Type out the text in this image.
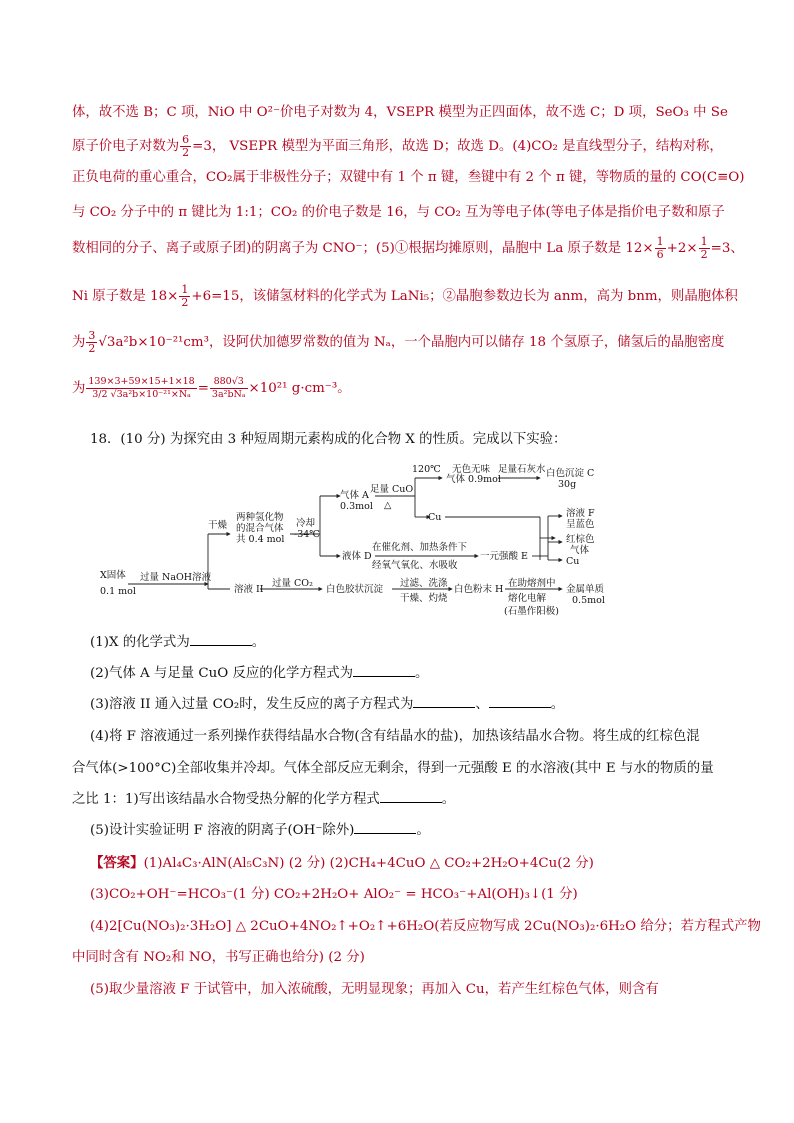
体，故不选 B；C 项，NiO 中 O²⁻价电子对数为 4，VSEPR 模型为正四面体，故不选 C；D 项，SeO₃ 中 Se
原子价电子对数为 $\frac{6}{2} =3$， VSEPR 模型为平面三角形，故选 D；故选 D。(4)CO₂ 是直线型分子，结构对称，
正负电荷的重心重合，CO₂属于非极性分子；双键中有 1 个 π 键，叁键中有 2 个 π 键，等物质的量的 CO(C≡O)
与 CO₂ 分子中的 π 键比为 1:1；CO₂ 的价电子数是 16，与 CO₂ 互为等电子体(等电子体是指价电子数和原子
数相同的分子、离子或原子团)的阴离子为 CNO⁻；(5)①根据均摊原则，晶胞中 La 原子数是 $12\times \frac{1}{6} +2\times \frac{1}{2} =3$、
Ni 原子数是 $18\times \frac{1}{2} +6=15$，该储氢材料的化学式为 LaNi₅；②晶胞参数边长为 anm，高为 bnm，则晶胞体积
为 $\frac{3}{2} √3a^2b\times 10^{-21}cm^3$，设阿伏加德罗常数的值为 Nₐ，一个晶胞内可以储存 18 个氢原子，储氢后的晶胞密度
为 $\frac{139\times 3+59\times 15+1\times 18}{\text{3/2 √3a²b×10⁻²¹×Nₐ}} = \frac{880√3}{\text{3a²bNₐ}} \times 10^{21}$ g·cm⁻³。
18．(10 分) 为探究由 3 种短周期元素构成的化合物 X 的性质。完成以下实验：
X固体
0.1 mol
过量 NaOH溶液
干燥
两种氢化物
的混合气体
共 0.4 mol
冷却
-34℃
气体 A
0.3mol
足量 CuO
△
120℃ 无色无味
气体 0.9mol
足量石灰水 白色沉淀 C
30g
Cu
液体 D
在催化剂、加热条件下
经氧气氧化、水吸收
一元强酸 E
溶液 F
呈蓝色
红棕色
气体
Cu
溶液 II
过量 CO₂
白色胶状沉淀
过滤、洗涤
干燥、灼烧
白色粉末 H
在助熔剂中
熔化电解
(石墨作阳极)
金属单质
0.5mol
(1)X 的化学式为	。
(2)气体 A 与足量 CuO 反应的化学方程式为	。
(3)溶液 II 通入过量 CO₂时，发生反应的离子方程式为	、	。
(4)将 F 溶液通过一系列操作获得结晶水合物(含有结晶水的盐)，加热该结晶水合物。将生成的红棕色混
合气体(>100°C)全部收集并冷却。气体全部反应无剩余，得到一元强酸 E 的水溶液(其中 E 与水的物质的量
之比 1：1)写出该结晶水合物受热分解的化学方程式	。
(5)设计实验证明 F 溶液的阴离子(OH⁻除外)	。
【答案】(1)Al₄C₃·AlN(Al₅C₃N) (2 分) (2)CH₄+4CuO △ CO₂+2H₂O+4Cu(2 分)
(3)CO₂+OH⁻=HCO₃⁻(1 分) CO₂+2H₂O+ AlO₂⁻ = HCO₃⁻+Al(OH)₃↓(1 分)
(4)2[Cu(NO₃)₂·3H₂O] △ 2CuO+4NO₂↑+O₂↑+6H₂O(若反应物写成 2Cu(NO₃)₂·6H₂O 给分；若方程式产物
中同时含有 NO₂和 NO，书写正确也给分) (2 分)
(5)取少量溶液 F 于试管中，加入浓硫酸，无明显现象；再加入 Cu，若产生红棕色气体，则含有
